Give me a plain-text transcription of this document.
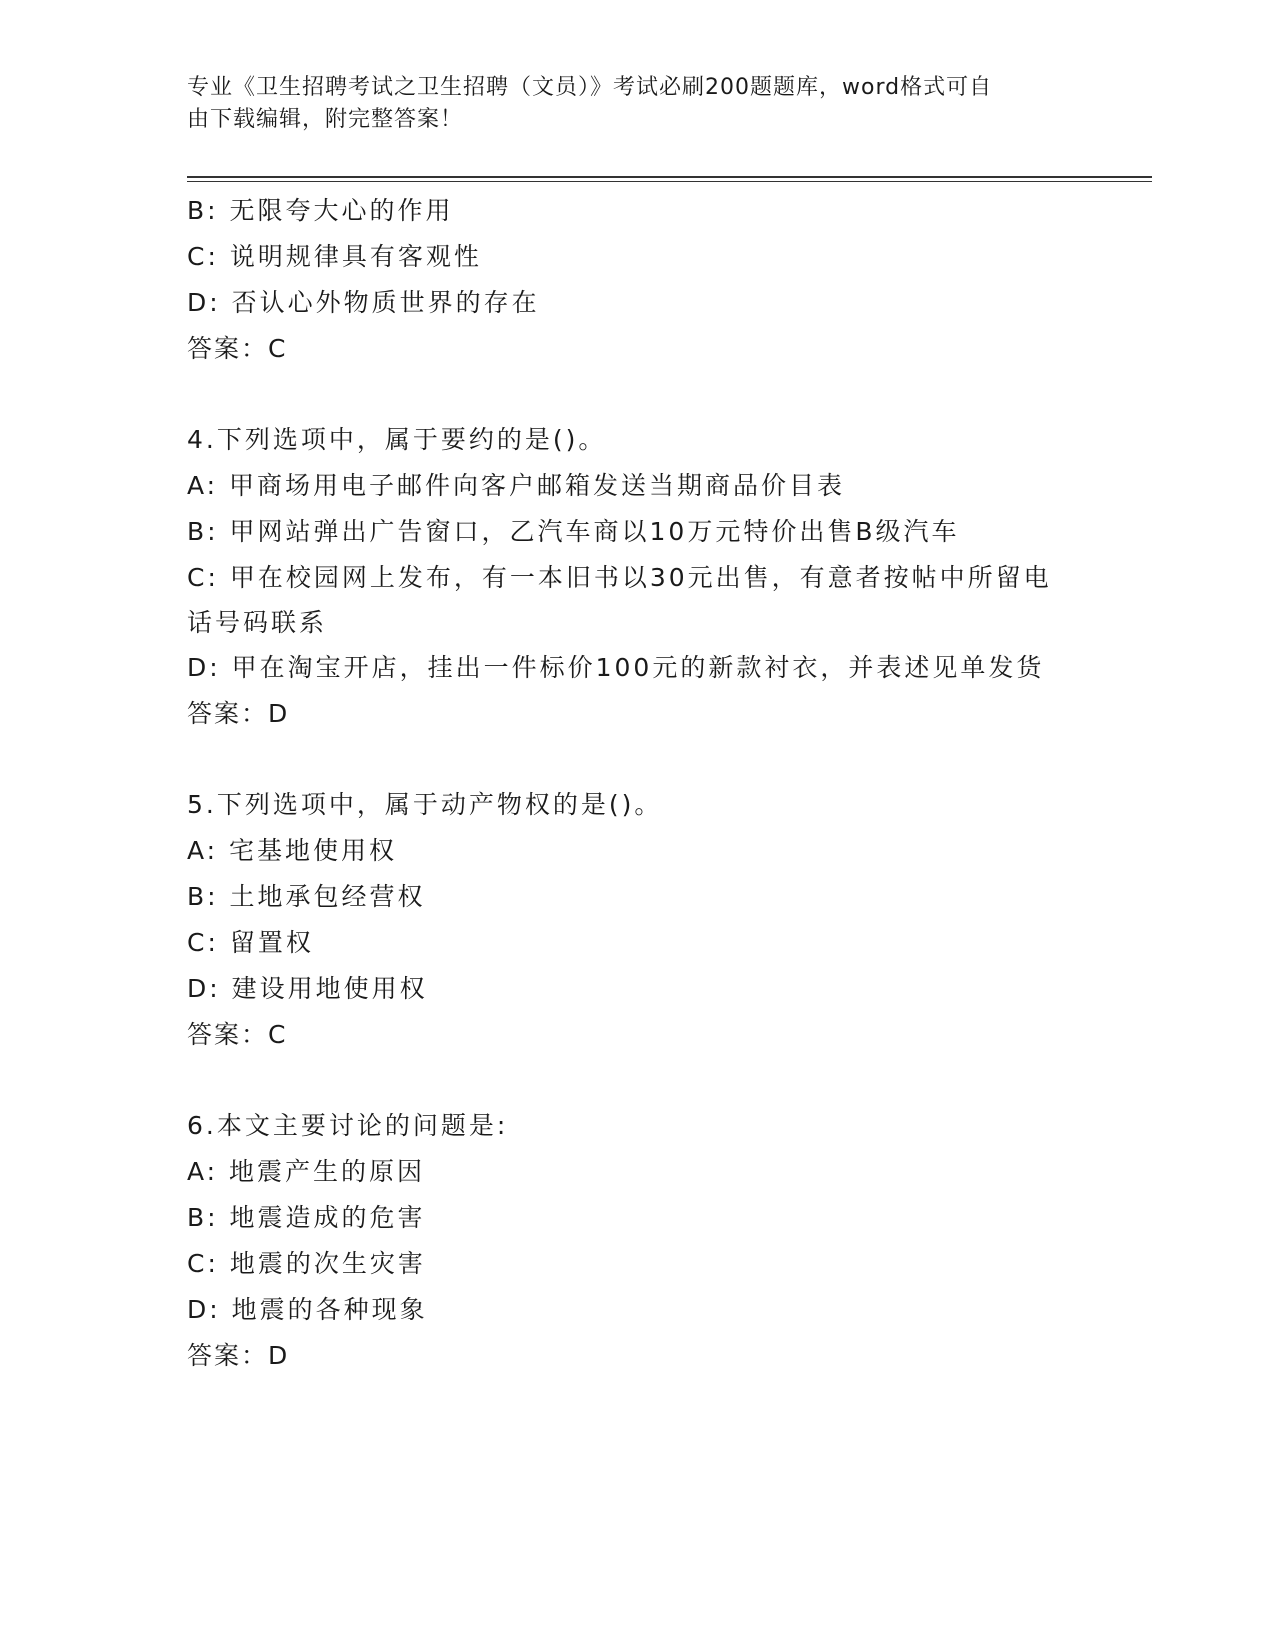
专业《卫生招聘考试之卫生招聘（文员）》考试必刷200题题库，word格式可自
由下载编辑，附完整答案！
B: 无限夸大心的作用
C: 说明规律具有客观性
D: 否认心外物质世界的存在
答案：C
4.下列选项中，属于要约的是()。
A: 甲商场用电子邮件向客户邮箱发送当期商品价目表
B: 甲网站弹出广告窗口，乙汽车商以10万元特价出售B级汽车
C: 甲在校园网上发布，有一本旧书以30元出售，有意者按帖中所留电话号码联系
D: 甲在淘宝开店，挂出一件标价100元的新款衬衣，并表述见单发货
答案：D
5.下列选项中，属于动产物权的是()。
A: 宅基地使用权
B: 土地承包经营权
C: 留置权
D: 建设用地使用权
答案：C
6.本文主要讨论的问题是:
A: 地震产生的原因
B: 地震造成的危害
C: 地震的次生灾害
D: 地震的各种现象
答案：D
